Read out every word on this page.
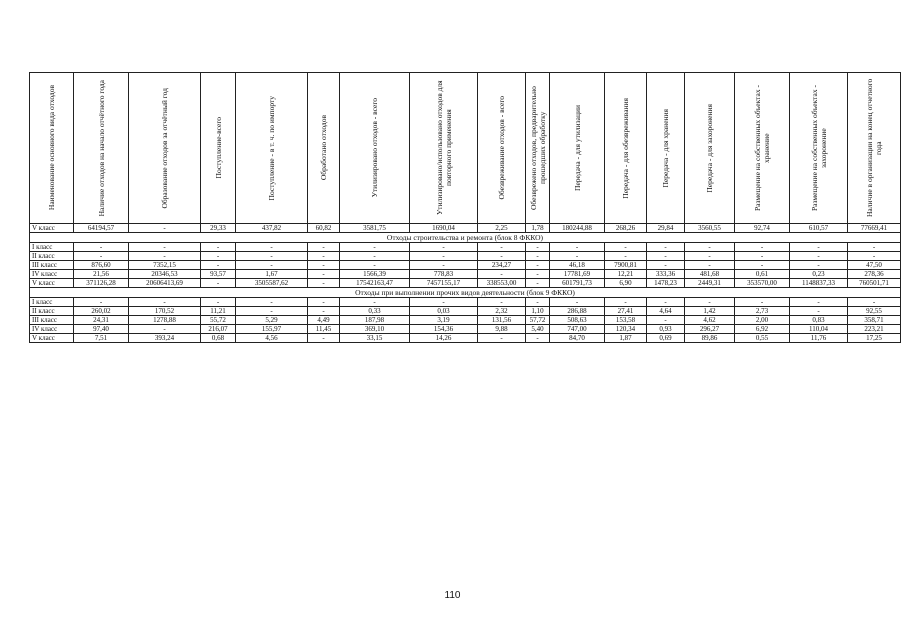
Наименование основного вида отходов	Наличие отходов на начало отчётного года	Образование отходов за отчётный год	Поступление-всего	Поступление - в т. ч. по импорту	Обработано отходов	Утилизировано отходов - всего	Утилизировано/использовано отходов для повторного применения	Обезвреживание отходов - всего	Обезврежено отходов, предварительно прошедших обработку	Передача - для утилизации	Передача - для обезвреживания	Передача - для хранения	Передача - для захоронения	Размещение на собственных объектах - хранение	Размещение на собственных объектах - захоронение	Наличие в организации на конец отчетного года

V класс	64194,57	-	29,33	437,82	60,82	3581,75	1690,04	2,25	1,78	180244,88	268,26	29,84	3560,55	92,74	610,57	77669,41
Отходы строительства и ремонта (блок 8 ФККО)																
I класс	-	-	-	-	-	-	-	-	-	-	-	-	-	-	-	-
II класс	-	-	-	-	-	-	-	-	-	-	-	-	-	-	-	-
III класс	876,60	7352,15	-	-	-	-	-	234,27	-	46,18	7900,81	-	-	-	-	47,50
IV класс	21,56	20346,53	93,57	1,67	-	1566,39	778,83	-	-	17781,69	12,21	333,36	481,68	0,61	0,23	278,36
V класс	371126,28	20606413,69	-	3505587,62	-	17542163,47	7457155,17	338553,00	-	601791,73	6,90	1478,23	2449,31	353570,00	1148837,33	760501,71
Отходы при выполнении прочих видов деятельности (блок 9 ФККО)																
I класс	-	-	-	-	-	-	-	-	-	-	-	-	-	-	-	-
II класс	260,02	170,52	11,21	-	-	0,33	0,03	2,32	1,10	286,88	27,41	4,64	1,42	2,73	-	92,55
III класс	24,31	1278,88	55,72	5,29	4,49	187,98	3,19	131,56	57,72	508,63	153,58	-	4,62	2,00	0,83	358,71
IV класс	97,40	-	216,07	155,97	11,45	369,10	154,36	9,88	5,40	747,00	120,34	0,93	296,27	6,92	110,04	223,21
V класс	7,51	393,24	0,68	4,56	-	33,15	14,26	-	-	84,70	1,87	0,69	89,86	0,55	11,76	17,25
110
